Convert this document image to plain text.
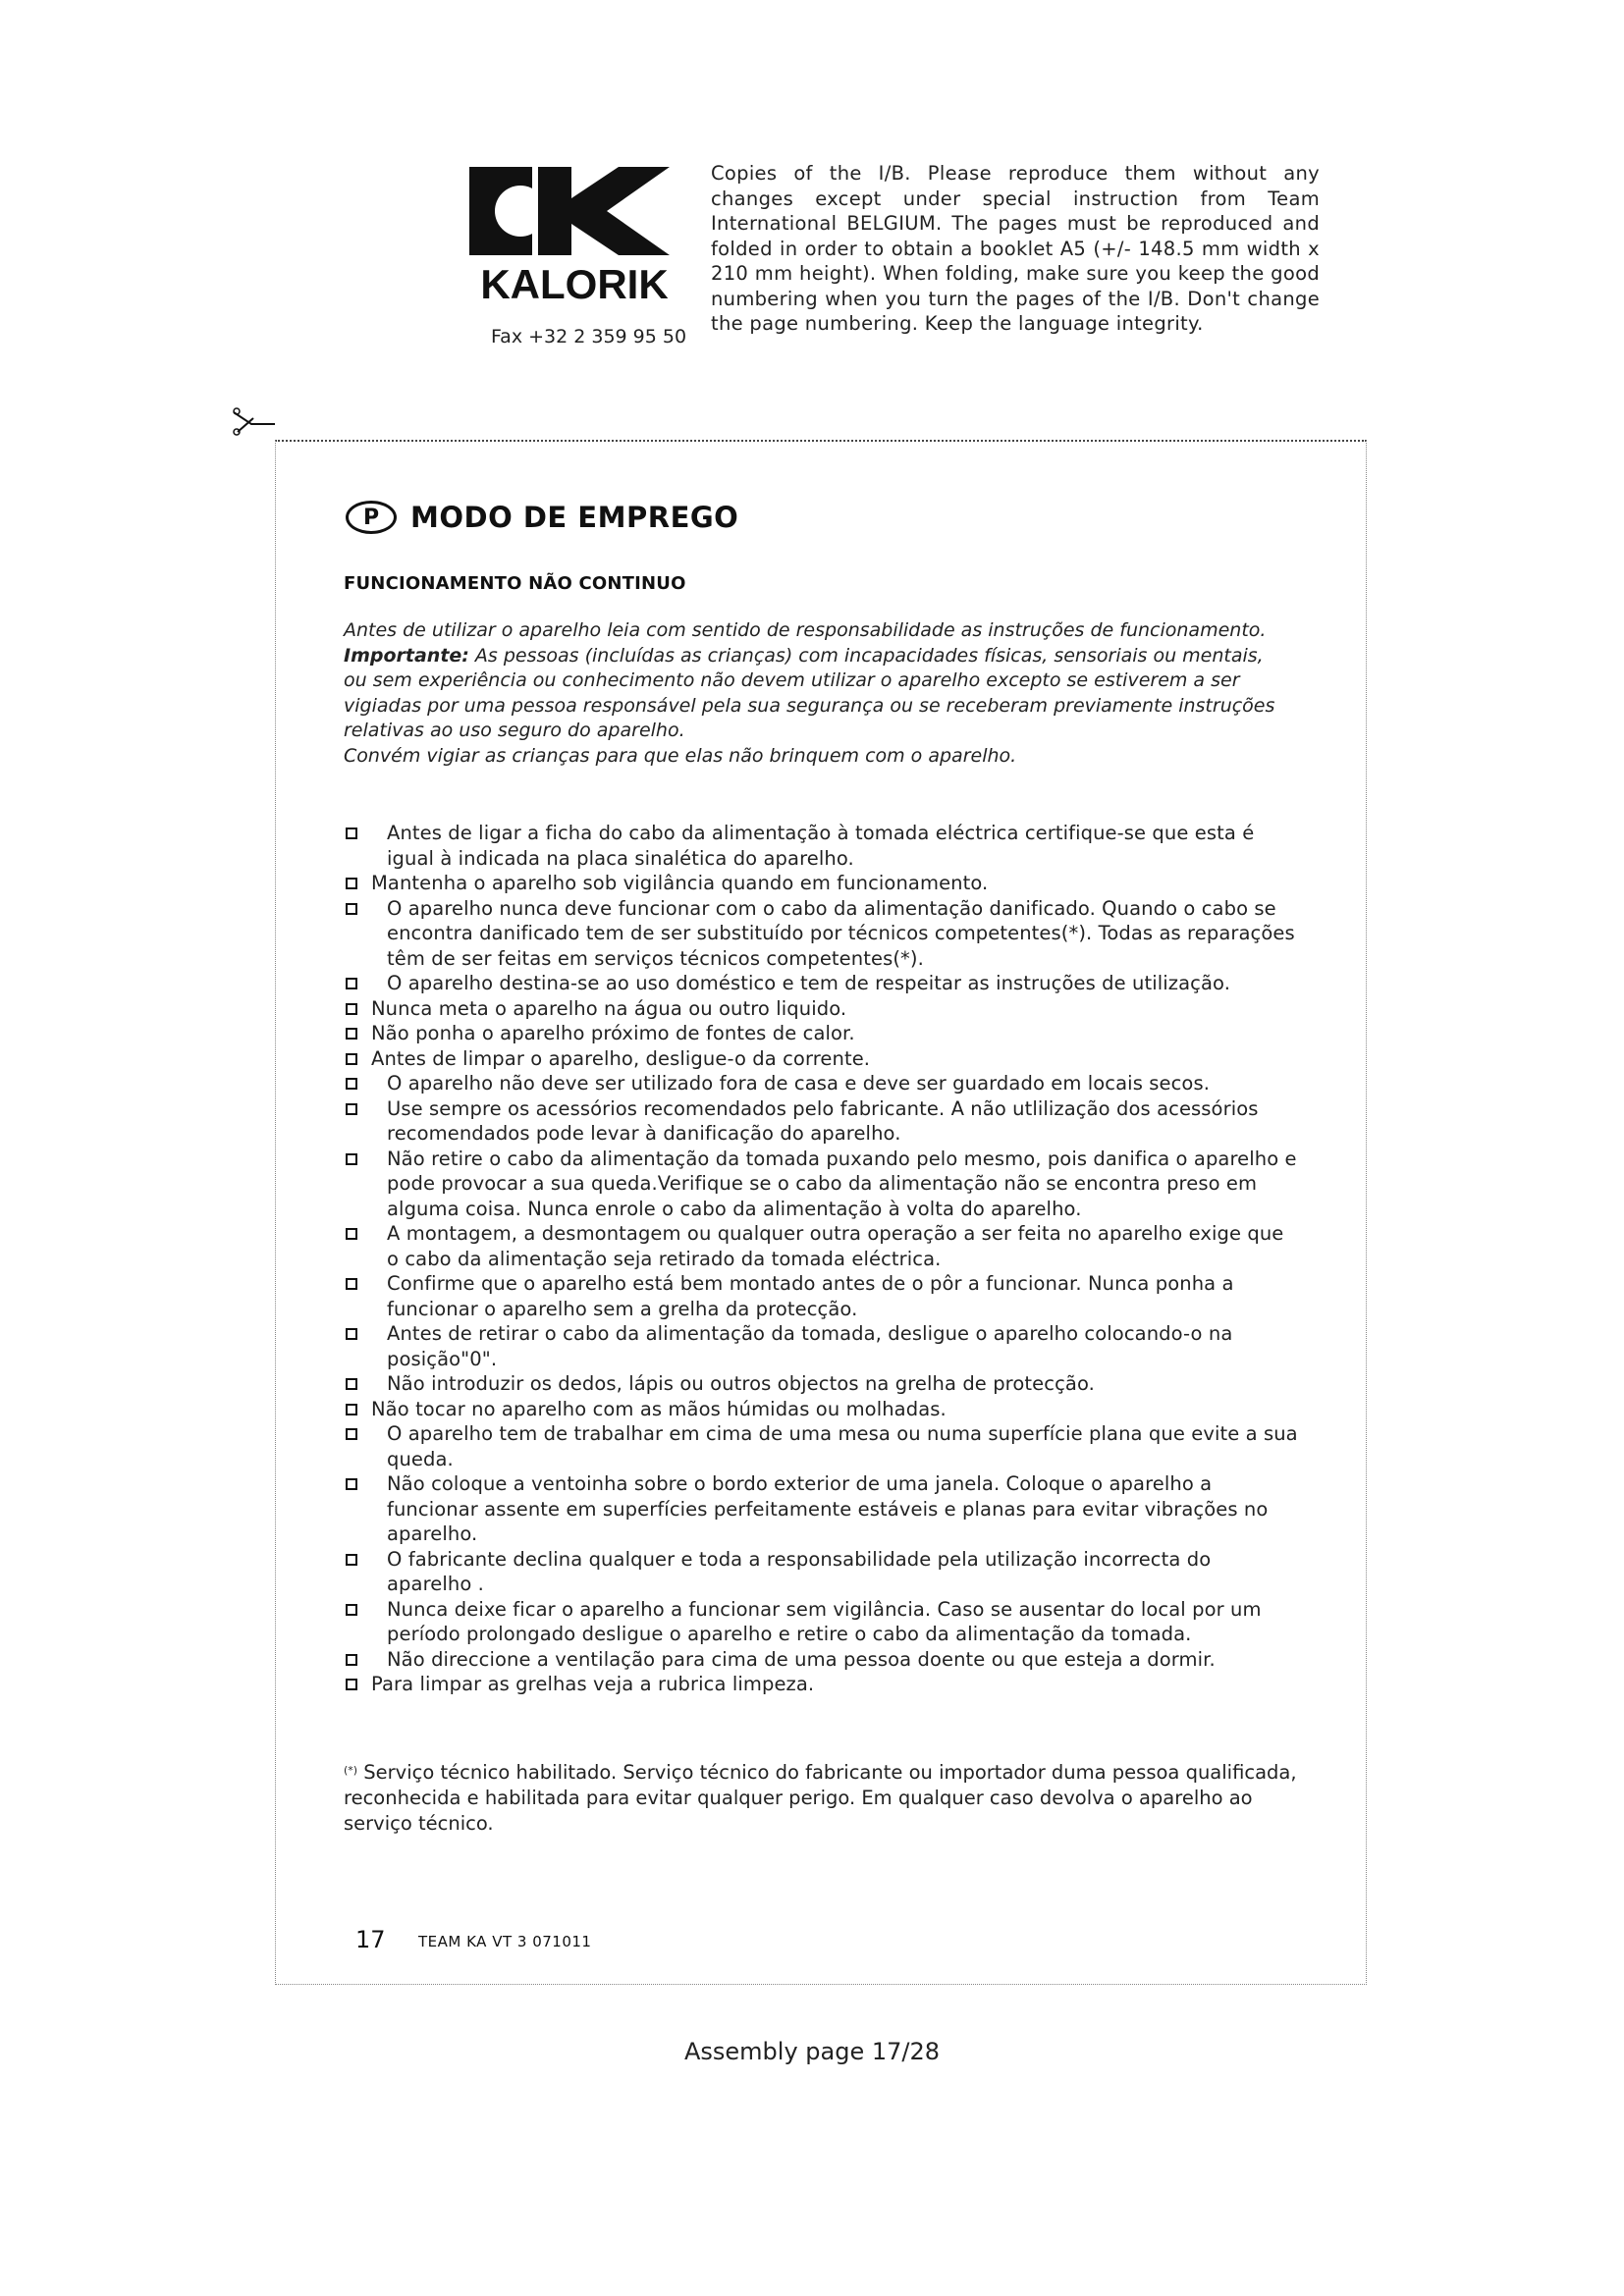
KALORIK
Fax +32 2 359 95 50
Copies of the I/B. Please reproduce them without any changes except under special instruction from Team International BELGIUM. The pages must be reproduced and folded in order to obtain a booklet A5 (+/- 148.5 mm width x 210 mm height). When folding, make sure you keep the good numbering when you turn the pages of the I/B. Don't change the page numbering. Keep the language integrity.
P	MODO DE EMPREGO
FUNCIONAMENTO NÃO CONTINUO
Antes de utilizar o aparelho leia com sentido de responsabilidade as instruções de funcionamento.
Importante: As pessoas (incluídas as crianças) com incapacidades físicas, sensoriais ou mentais, ou sem experiência ou conhecimento não devem utilizar o aparelho excepto se estiverem a ser vigiadas por uma pessoa responsável pela sua segurança ou se receberam previamente instruções relativas ao uso seguro do aparelho.
Convém vigiar as crianças para que elas não brinquem com o aparelho.
Antes de ligar a ficha do cabo da alimentação à tomada eléctrica certifique-se que esta é igual à indicada na placa sinalética do aparelho.
Mantenha o aparelho sob vigilância quando em funcionamento.
O aparelho nunca deve funcionar com o cabo da alimentação danificado. Quando o cabo se encontra danificado tem de ser substituído por técnicos competentes(*). Todas as reparações têm de ser feitas em serviços técnicos competentes(*).
O aparelho destina-se ao uso doméstico e tem de respeitar as instruções de utilização.
Nunca meta o aparelho na água ou outro liquido.
Não ponha o aparelho próximo de fontes de calor.
Antes de limpar o aparelho, desligue-o da corrente.
O aparelho não deve ser utilizado fora de casa e deve ser guardado em locais secos.
Use sempre os acessórios recomendados pelo fabricante. A não utlilização dos acessórios recomendados pode levar à danificação do aparelho.
Não retire o cabo da alimentação da tomada puxando pelo mesmo, pois danifica o aparelho e pode provocar a sua queda.Verifique se o cabo da alimentação não se encontra preso em alguma coisa. Nunca enrole o cabo da alimentação à volta do aparelho.
A montagem, a desmontagem ou qualquer outra operação a ser feita no aparelho exige que o cabo da alimentação seja retirado da tomada eléctrica.
Confirme que o aparelho está bem montado antes de o pôr a funcionar. Nunca ponha a funcionar o aparelho sem a grelha da protecção.
Antes de retirar o cabo da alimentação da tomada, desligue o aparelho colocando-o na posição"0".
Não introduzir os dedos, lápis ou outros objectos na grelha de protecção.
Não tocar no aparelho com as mãos húmidas ou molhadas.
O aparelho tem de trabalhar em cima de uma mesa ou numa superfície plana que evite a sua queda.
Não coloque a ventoinha sobre o bordo exterior de uma janela. Coloque o aparelho a funcionar assente em superfícies perfeitamente estáveis e planas para evitar vibrações no aparelho.
O fabricante declina qualquer e toda a responsabilidade pela utilização incorrecta do aparelho .
Nunca deixe ficar o aparelho a funcionar sem vigilância. Caso se ausentar do local por um período prolongado desligue o aparelho e retire o cabo da alimentação da tomada.
Não direccione a ventilação para cima de uma pessoa doente ou que esteja a dormir.
Para limpar as grelhas veja a rubrica limpeza.
(*) Serviço técnico habilitado. Serviço técnico do fabricante ou importador duma pessoa qualificada, reconhecida e habilitada para evitar qualquer perigo. Em qualquer caso devolva o aparelho ao serviço técnico.
17 TEAM KA VT 3 071011
Assembly page 17/28
